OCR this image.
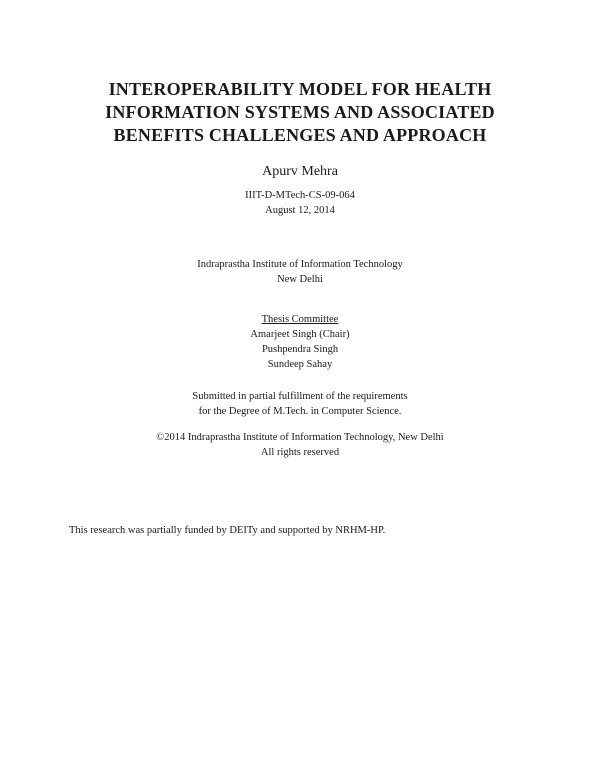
INTEROPERABILITY MODEL FOR HEALTH
INFORMATION SYSTEMS AND ASSOCIATED
BENEFITS CHALLENGES AND APPROACH
Apurv Mehra
IIIT-D-MTech-CS-09-064
August 12, 2014
Indraprastha Institute of Information Technology
New Delhi
Thesis Committee
Amarjeet Singh (Chair)
Pushpendra Singh
Sundeep Sahay
Submitted in partial fulfillment of the requirements
for the Degree of M.Tech. in Computer Science.
©2014 Indraprastha Institute of Information Technology, New Delhi
All rights reserved
This research was partially funded by DEITy and supported by NRHM-HP.
